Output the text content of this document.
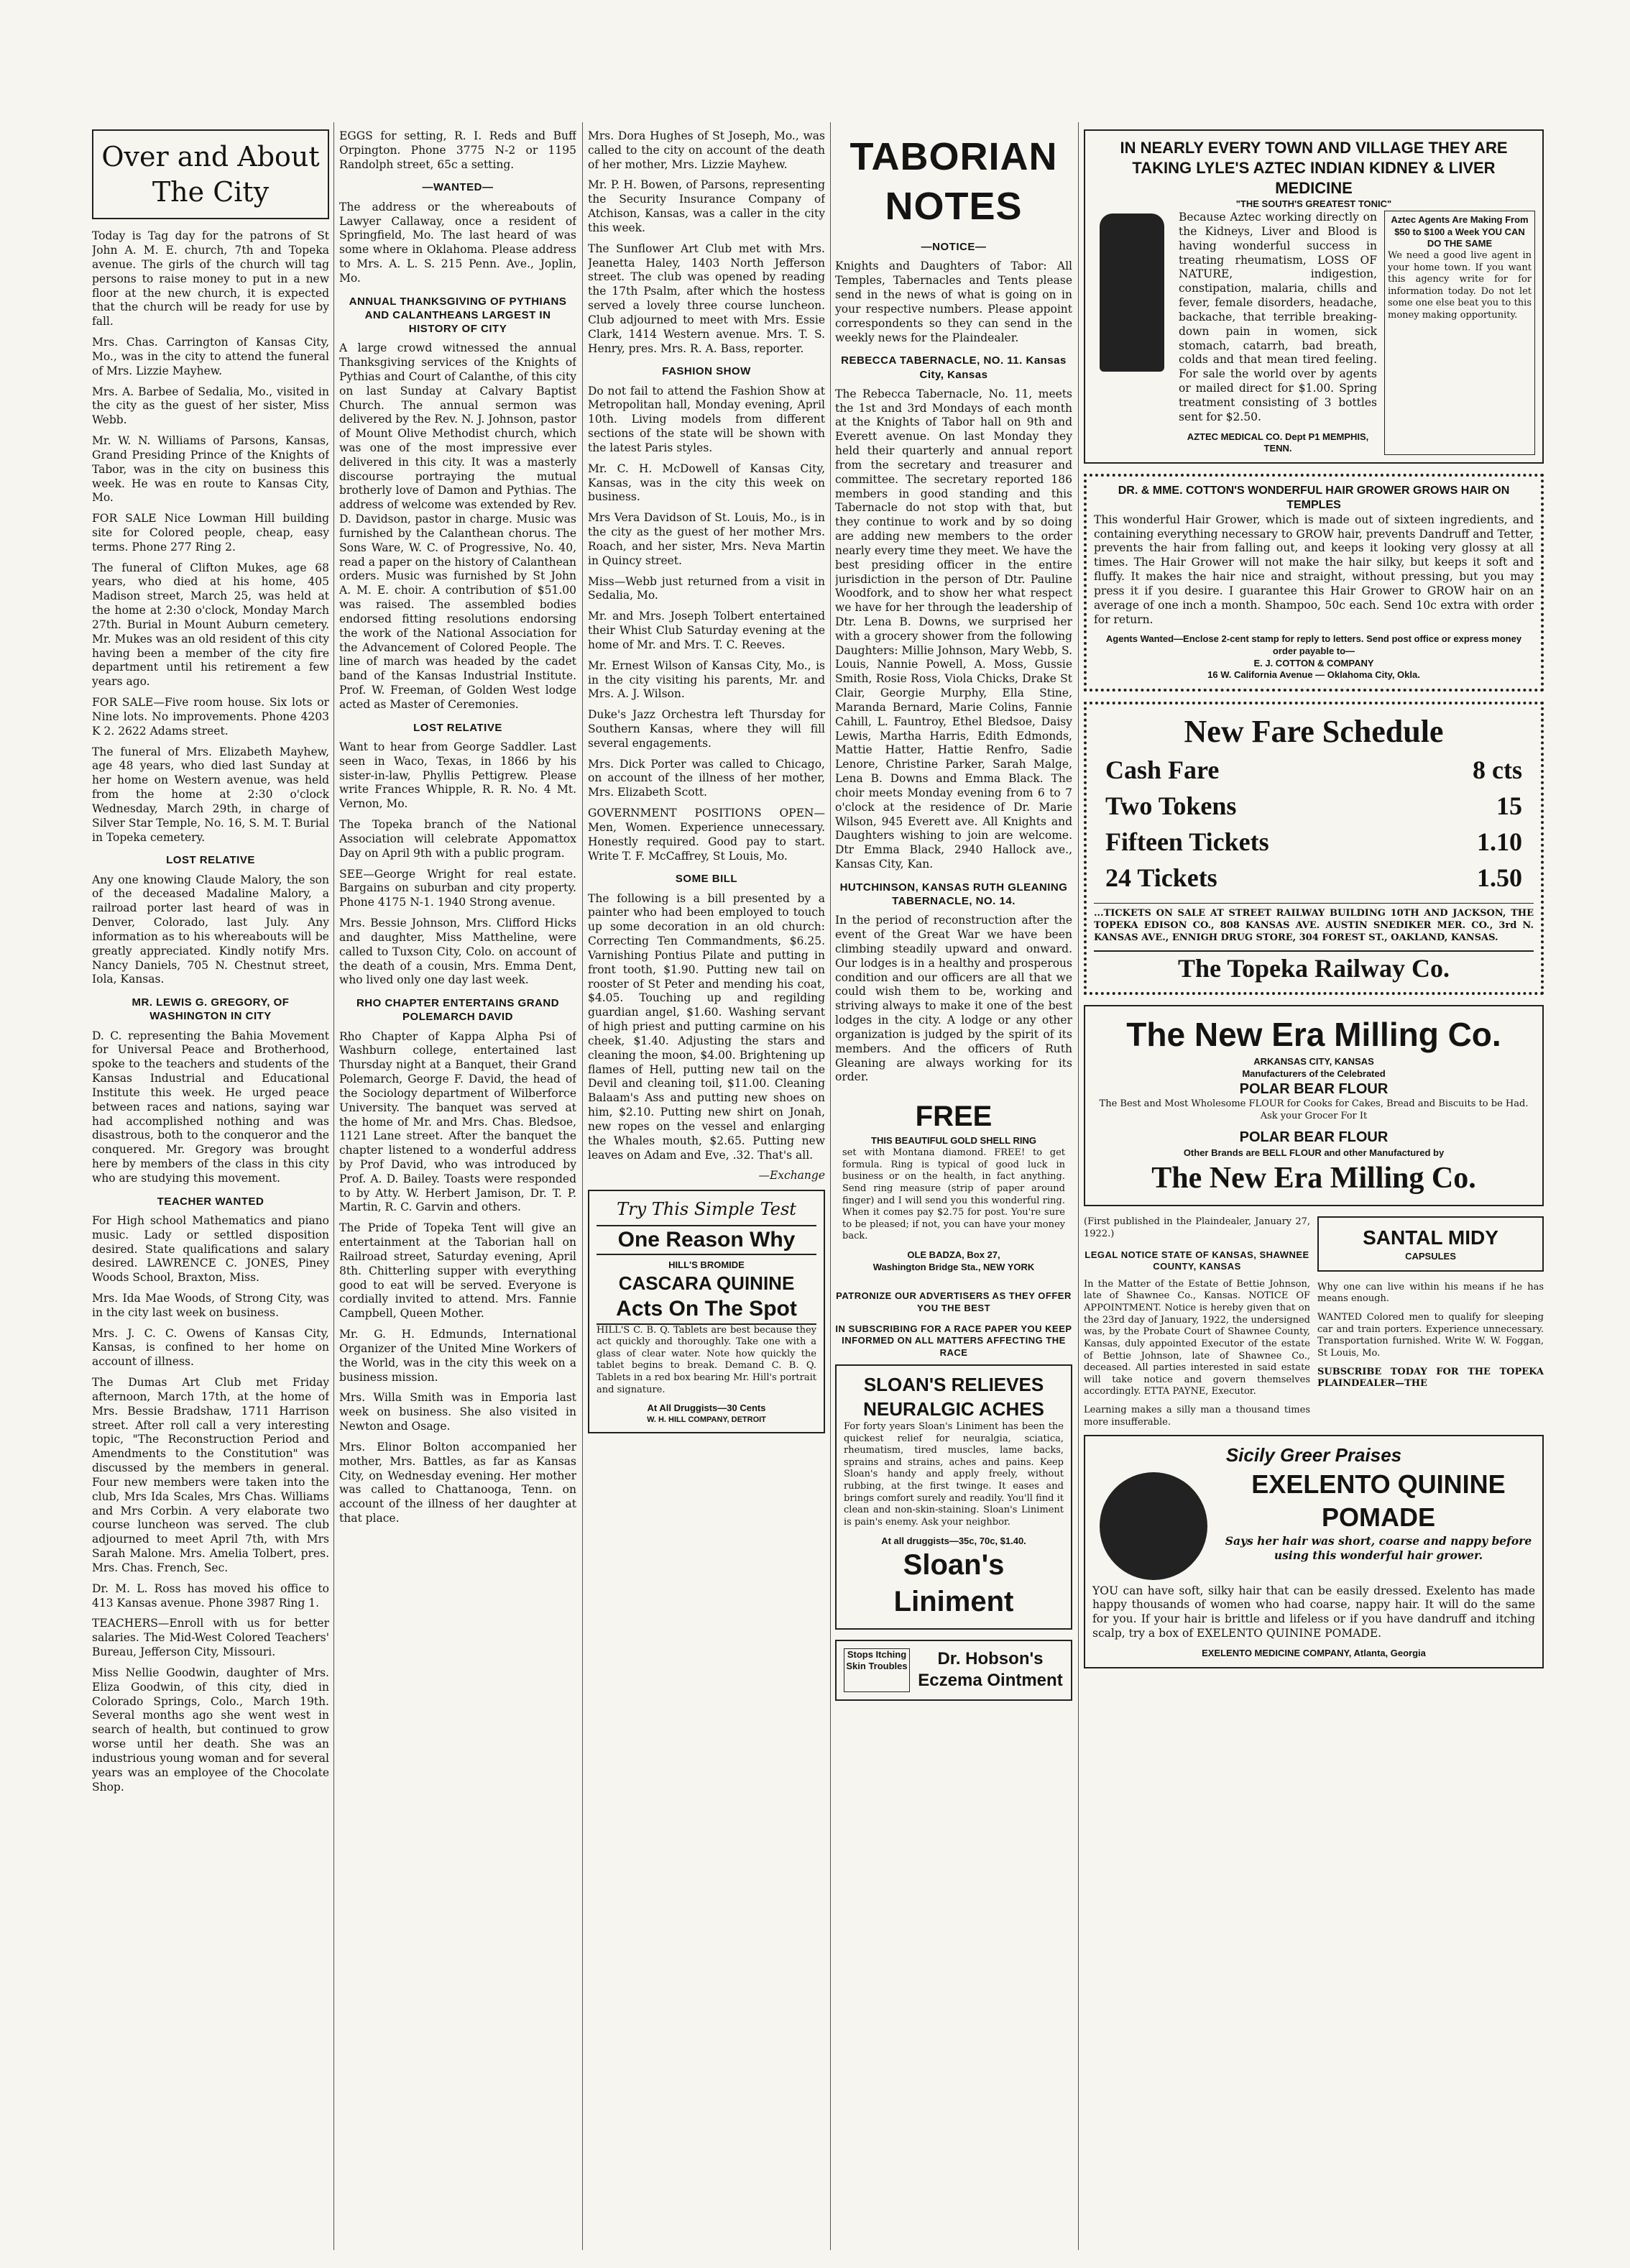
Over and About The City

Today is Tag day for the patrons of St John A. M. E. church, 7th and Topeka avenue. The girls of the church will tag persons to raise money to put in a new floor at the new church, it is expected that the church will be ready for use by fall.

Mrs. Chas. Carrington of Kansas City, Mo., was in the city to attend the funeral of Mrs. Lizzie Mayhew.

Mrs. A. Barbee of Sedalia, Mo., visited in the city as the guest of her sister, Miss Webb.

Mr. W. N. Williams of Parsons, Kansas, Grand Presiding Prince of the Knights of Tabor, was in the city on business this week. He was en route to Kansas City, Mo.

FOR SALE Nice Lowman Hill building site for Colored people, cheap, easy terms. Phone 277 Ring 2.

The funeral of Clifton Mukes, age 68 years, who died at his home, 405 Madison street, March 25, was held at the home at 2:30 o'clock, Monday March 27th. Burial in Mount Auburn cemetery. Mr. Mukes was an old resident of this city having been a member of the city fire department until his retirement a few years ago.

FOR SALE—Five room house. Six lots or Nine lots. No improvements. Phone 4203 K 2. 2622 Adams street.

The funeral of Mrs. Elizabeth Mayhew, age 48 years, who died last Sunday at her home on Western avenue, was held from the home at 2:30 o'clock Wednesday, March 29th, in charge of Silver Star Temple, No. 16, S. M. T. Burial in Topeka cemetery.

LOST RELATIVE

Any one knowing Claude Malory, the son of the deceased Madaline Malory, a railroad porter last heard of was in Denver, Colorado, last July. Any information as to his whereabouts will be greatly appreciated. Kindly notify Mrs. Nancy Daniels, 705 N. Chestnut street, Iola, Kansas.

MR. LEWIS G. GREGORY, OF WASHINGTON IN CITY

D. C. representing the Bahia Movement for Universal Peace and Brotherhood, spoke to the teachers and students of the Kansas Industrial and Educational Institute this week. He urged peace between races and nations, saying war had accomplished nothing and was disastrous, both to the conqueror and the conquered. Mr. Gregory was brought here by members of the class in this city who are studying this movement.

TEACHER WANTED

For High school Mathematics and piano music. Lady or settled disposition desired. State qualifications and salary desired. LAWRENCE C. JONES, Piney Woods School, Braxton, Miss.

Mrs. Ida Mae Woods, of Strong City, was in the city last week on business.

Mrs. J. C. C. Owens of Kansas City, Kansas, is confined to her home on account of illness.

The Dumas Art Club met Friday afternoon, March 17th, at the home of Mrs. Bessie Bradshaw, 1711 Harrison street. After roll call a very interesting topic, "The Reconstruction Period and Amendments to the Constitution" was discussed by the members in general. Four new members were taken into the club, Mrs Ida Scales, Mrs Chas. Williams and Mrs Corbin. A very elaborate two course luncheon was served. The club adjourned to meet April 7th, with Mrs Sarah Malone. Mrs. Amelia Tolbert, pres. Mrs. Chas. French, Sec.

Dr. M. L. Ross has moved his office to 413 Kansas avenue. Phone 3987 Ring 1.

TEACHERS—Enroll with us for better salaries. The Mid-West Colored Teachers' Bureau, Jefferson City, Missouri.

Miss Nellie Goodwin, daughter of Mrs. Eliza Goodwin, of this city, died in Colorado Springs, Colo., March 19th. Several months ago she went west in search of health, but continued to grow worse until her death. She was an industrious young woman and for several years was an employee of the Chocolate Shop.

EGGS for setting, R. I. Reds and Buff Orpington. Phone 3775 N-2 or 1195 Randolph street, 65c a setting.

—WANTED—

The address or the whereabouts of Lawyer Callaway, once a resident of Springfield, Mo. The last heard of was some where in Oklahoma. Please address to Mrs. A. L. S. 215 Penn. Ave., Joplin, Mo.

ANNUAL THANKSGIVING OF PYTHIANS AND CALANTHEANS LARGEST IN HISTORY OF CITY

A large crowd witnessed the annual Thanksgiving services of the Knights of Pythias and Court of Calanthe, of this city on last Sunday at Calvary Baptist Church. The annual sermon was delivered by the Rev. N. J. Johnson, pastor of Mount Olive Methodist church, which was one of the most impressive ever delivered in this city. It was a masterly discourse portraying the mutual brotherly love of Damon and Pythias. The address of welcome was extended by Rev. D. Davidson, pastor in charge. Music was furnished by the Calanthean chorus. The Sons Ware, W. C. of Progressive, No. 40, read a paper on the history of Calanthean orders. Music was furnished by St John A. M. E. choir. A contribution of $51.00 was raised. The assembled bodies endorsed fitting resolutions endorsing the work of the National Association for the Advancement of Colored People. The line of march was headed by the cadet band of the Kansas Industrial Institute. Prof. W. Freeman, of Golden West lodge acted as Master of Ceremonies.

LOST RELATIVE

Want to hear from George Saddler. Last seen in Waco, Texas, in 1866 by his sister-in-law, Phyllis Pettigrew. Please write Frances Whipple, R. R. No. 4 Mt. Vernon, Mo.

The Topeka branch of the National Association will celebrate Appomattox Day on April 9th with a public program.

SEE—George Wright for real estate. Bargains on suburban and city property. Phone 4175 N-1. 1940 Strong avenue.

Mrs. Bessie Johnson, Mrs. Clifford Hicks and daughter, Miss Mattheline, were called to Tuxson City, Colo. on account of the death of a cousin, Mrs. Emma Dent, who lived only one day last week.

RHO CHAPTER ENTERTAINS GRAND POLEMARCH DAVID

Rho Chapter of Kappa Alpha Psi of Washburn college, entertained last Thursday night at a Banquet, their Grand Polemarch, George F. David, the head of the Sociology department of Wilberforce University. The banquet was served at the home of Mr. and Mrs. Chas. Bledsoe, 1121 Lane street. After the banquet the chapter listened to a wonderful address by Prof David, who was introduced by Prof. A. D. Bailey. Toasts were responded to by Atty. W. Herbert Jamison, Dr. T. P. Martin, R. C. Garvin and others.

The Pride of Topeka Tent will give an entertainment at the Taborian hall on Railroad street, Saturday evening, April 8th. Chitterling supper with everything good to eat will be served. Everyone is cordially invited to attend. Mrs. Fannie Campbell, Queen Mother.

Mr. G. H. Edmunds, International Organizer of the United Mine Workers of the World, was in the city this week on a business mission.

Mrs. Willa Smith was in Emporia last week on business. She also visited in Newton and Osage.

Mrs. Elinor Bolton accompanied her mother, Mrs. Battles, as far as Kansas City, on Wednesday evening. Her mother was called to Chattanooga, Tenn. on account of the illness of her daughter at that place.

Mrs. Dora Hughes of St Joseph, Mo., was called to the city on account of the death of her mother, Mrs. Lizzie Mayhew.

Mr. P. H. Bowen, of Parsons, representing the Security Insurance Company of Atchison, Kansas, was a caller in the city this week.

The Sunflower Art Club met with Mrs. Jeanetta Haley, 1403 North Jefferson street. The club was opened by reading the 17th Psalm, after which the hostess served a lovely three course luncheon. Club adjourned to meet with Mrs. Essie Clark, 1414 Western avenue. Mrs. T. S. Henry, pres. Mrs. R. A. Bass, reporter.

FASHION SHOW

Do not fail to attend the Fashion Show at Metropolitan hall, Monday evening, April 10th. Living models from different sections of the state will be shown with the latest Paris styles.

Mr. C. H. McDowell of Kansas City, Kansas, was in the city this week on business.

Mrs Vera Davidson of St. Louis, Mo., is in the city as the guest of her mother Mrs. Roach, and her sister, Mrs. Neva Martin in Quincy street.

Miss—Webb just returned from a visit in Sedalia, Mo.

Mr. and Mrs. Joseph Tolbert entertained their Whist Club Saturday evening at the home of Mr. and Mrs. T. C. Reeves.

Mr. Ernest Wilson of Kansas City, Mo., is in the city visiting his parents, Mr. and Mrs. A. J. Wilson.

Duke's Jazz Orchestra left Thursday for Southern Kansas, where they will fill several engagements.

Mrs. Dick Porter was called to Chicago, on account of the illness of her mother, Mrs. Elizabeth Scott.

GOVERNMENT POSITIONS OPEN—Men, Women. Experience unnecessary. Honestly required. Good pay to start. Write T. F. McCaffrey, St Louis, Mo.

SOME BILL

The following is a bill presented by a painter who had been employed to touch up some decoration in an old church: Correcting Ten Commandments, $6.25. Varnishing Pontius Pilate and putting in front tooth, $1.90. Putting new tail on rooster of St Peter and mending his coat, $4.05. Touching up and regilding guardian angel, $1.60. Washing servant of high priest and putting carmine on his cheek, $1.40. Adjusting the stars and cleaning the moon, $4.00. Brightening up flames of Hell, putting new tail on the Devil and cleaning toil, $11.00. Cleaning Balaam's Ass and putting new shoes on him, $2.10. Putting new shirt on Jonah, new ropes on the vessel and enlarging the Whales mouth, $2.65. Putting new leaves on Adam and Eve, .32. That's all.

—Exchange

Try This Simple Test
One Reason Why
HILL'S BROMIDE
CASCARA QUININE
Acts On The Spot

HILL'S C. B. Q. Tablets are best because they act quickly and thoroughly. Take one with a glass of clear water. Note how quickly the tablet begins to break. Demand C. B. Q. Tablets in a red box bearing Mr. Hill's portrait and signature.

At All Druggists—30 Cents
W. H. HILL COMPANY, DETROIT
TABORIAN NOTES
—NOTICE—

Knights and Daughters of Tabor: All Temples, Tabernacles and Tents please send in the news of what is going on in your respective numbers. Please appoint correspondents so they can send in the weekly news for the Plaindealer.

REBECCA TABERNACLE, NO. 11. Kansas City, Kansas

The Rebecca Tabernacle, No. 11, meets the 1st and 3rd Mondays of each month at the Knights of Tabor hall on 9th and Everett avenue. On last Monday they held their quarterly and annual report from the secretary and treasurer and committee. The secretary reported 186 members in good standing and this Tabernacle do not stop with that, but they continue to work and by so doing are adding new members to the order nearly every time they meet. We have the best presiding officer in the entire jurisdiction in the person of Dtr. Pauline Woodfork, and to show her what respect we have for her through the leadership of Dtr. Lena B. Downs, we surprised her with a grocery shower from the following Daughters: Millie Johnson, Mary Webb, S. Louis, Nannie Powell, A. Moss, Gussie Smith, Rosie Ross, Viola Chicks, Drake St Clair, Georgie Murphy, Ella Stine, Maranda Bernard, Marie Colins, Fannie Cahill, L. Fauntroy, Ethel Bledsoe, Daisy Lewis, Martha Harris, Edith Edmonds, Mattie Hatter, Hattie Renfro, Sadie Lenore, Christine Parker, Sarah Malge, Lena B. Downs and Emma Black. The choir meets Monday evening from 6 to 7 o'clock at the residence of Dr. Marie Wilson, 945 Everett ave. All Knights and Daughters wishing to join are welcome. Dtr Emma Black, 2940 Hallock ave., Kansas City, Kan.

HUTCHINSON, KANSAS RUTH GLEANING TABERNACLE, NO. 14.

In the period of reconstruction after the event of the Great War we have been climbing steadily upward and onward. Our lodges is in a healthy and prosperous condition and our officers are all that we could wish them to be, working and striving always to make it one of the best lodges in the city. A lodge or any other organization is judged by the spirit of its members. And the officers of Ruth Gleaning are always working for its order.

FREE
THIS BEAUTIFUL GOLD SHELL RING

set with Montana diamond. FREE! to get formula. Ring is typical of good luck in business or on the health, in fact anything. Send ring measure (strip of paper around finger) and I will send you this wonderful ring. When it comes pay $2.75 for post. You're sure to be pleased; if not, you can have your money back.

OLE BADZA, Box 27,
Washington Bridge Sta., NEW YORK
PATRONIZE OUR ADVERTISERS AS THEY OFFER YOU THE BEST
IN SUBSCRIBING FOR A RACE PAPER YOU KEEP INFORMED ON ALL MATTERS AFFECTING THE RACE
SLOAN'S RELIEVES
NEURALGIC ACHES

For forty years Sloan's Liniment has been the quickest relief for neuralgia, sciatica, rheumatism, tired muscles, lame backs, sprains and strains, aches and pains. Keep Sloan's handy and apply freely, without rubbing, at the first twinge. It eases and brings comfort surely and readily. You'll find it clean and non-skin-staining. Sloan's Liniment is pain's enemy. Ask your neighbor.

At all druggists—35c, 70c, $1.40.
Sloan's Liniment
Stops Itching Skin Troubles	Dr. Hobson's Eczema Ointment
IN NEARLY EVERY TOWN AND VILLAGE THEY ARE TAKING LYLE'S AZTEC INDIAN KIDNEY & LIVER MEDICINE
"THE SOUTH'S GREATEST TONIC"

Because Aztec working directly on the Kidneys, Liver and Blood is having wonderful success in treating rheumatism, LOSS OF NATURE, indigestion, constipation, malaria, chills and fever, female disorders, headache, backache, that terrible breaking-down pain in women, sick stomach, catarrh, bad breath, colds and that mean tired feeling. For sale the world over by agents or mailed direct for $1.00. Spring treatment consisting of 3 bottles sent for $2.50.

AZTEC MEDICAL CO. Dept P1 MEMPHIS, TENN.
Aztec Agents Are Making From $50 to $100 a Week YOU CAN DO THE SAME

We need a good live agent in your home town. If you want this agency write for for information today. Do not let some one else beat you to this money making opportunity.

DR. & MME. COTTON'S WONDERFUL HAIR GROWER GROWS HAIR ON TEMPLES

This wonderful Hair Grower, which is made out of sixteen ingredients, and containing everything necessary to GROW hair, prevents Dandruff and Tetter, prevents the hair from falling out, and keeps it looking very glossy at all times. The Hair Grower will not make the hair silky, but keeps it soft and fluffy. It makes the hair nice and straight, without pressing, but you may press it if you desire. I guarantee this Hair Grower to GROW hair on an average of one inch a month. Shampoo, 50c each. Send 10c extra with order for return.

Agents Wanted—Enclose 2-cent stamp for reply to letters. Send post office or express money order payable to—
E. J. COTTON & COMPANY
16 W. California Avenue — Oklahoma City, Okla.
New Fare Schedule
Cash Fare	8 cts
Two Tokens	15
Fifteen Tickets	1.10
24 Tickets	1.50

...TICKETS ON SALE AT STREET RAILWAY BUILDING 10TH AND JACKSON, THE TOPEKA EDISON CO., 808 KANSAS AVE. AUSTIN SNEDIKER MER. CO., 3rd N. KANSAS AVE., ENNIGH DRUG STORE, 304 FOREST ST., OAKLAND, KANSAS.

The Topeka Railway Co.
The New Era Milling Co.
ARKANSAS CITY, KANSAS
Manufacturers of the Celebrated
POLAR BEAR FLOUR

The Best and Most Wholesome FLOUR for Cooks for Cakes, Bread and Biscuits to be Had. Ask your Grocer For It

POLAR BEAR FLOUR
Other Brands are BELL FLOUR and other Manufactured by
The New Era Milling Co.

(First published in the Plaindealer, January 27, 1922.)

LEGAL NOTICE STATE OF KANSAS, SHAWNEE COUNTY, KANSAS

In the Matter of the Estate of Bettie Johnson, late of Shawnee Co., Kansas. NOTICE OF APPOINTMENT. Notice is hereby given that on the 23rd day of January, 1922, the undersigned was, by the Probate Court of Shawnee County, Kansas, duly appointed Executor of the estate of Bettie Johnson, late of Shawnee Co., deceased. All parties interested in said estate will take notice and govern themselves accordingly. ETTA PAYNE, Executor.

Learning makes a silly man a thousand times more insufferable.

SANTAL MIDY
CAPSULES

Why one can live within his means if he has means enough.

WANTED Colored men to qualify for sleeping car and train porters. Experience unnecessary. Transportation furnished. Write W. W. Foggan, St Louis, Mo.

SUBSCRIBE TODAY FOR THE TOPEKA PLAINDEALER—THE

Sicily Greer Praises
EXELENTO QUININE
POMADE

Says her hair was short, coarse and nappy before using this wonderful hair grower.

YOU can have soft, silky hair that can be easily dressed. Exelento has made happy thousands of women who had coarse, nappy hair. It will do the same for you. If your hair is brittle and lifeless or if you have dandruff and itching scalp, try a box of EXELENTO QUININE POMADE.

EXELENTO MEDICINE COMPANY, Atlanta, Georgia
